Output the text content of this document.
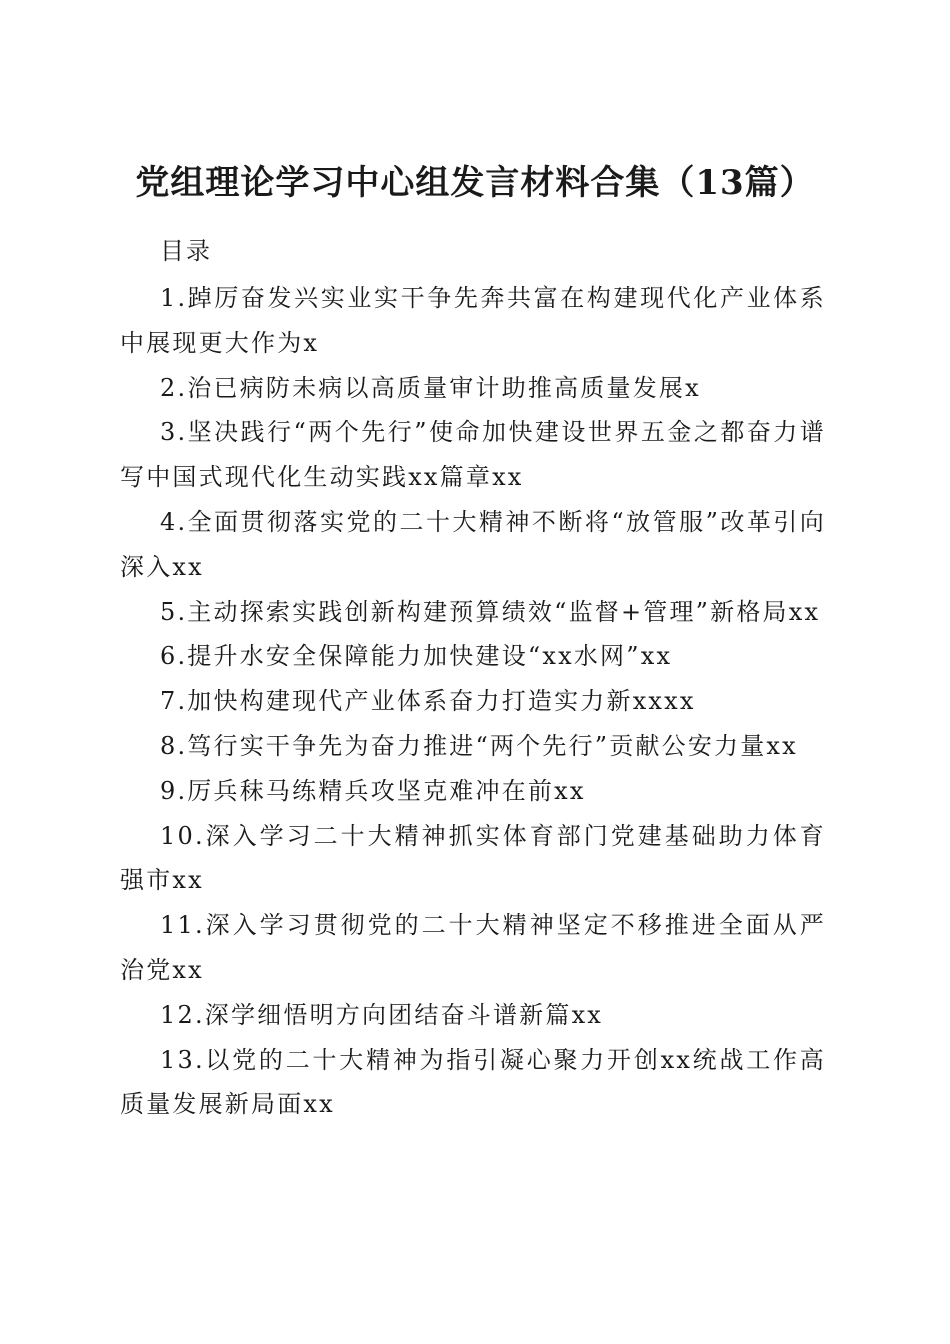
党组理论学习中心组发言材料合集（13篇）
目录
1.踔厉奋发兴实业实干争先奔共富在构建现代化产业体系中展现更大作为x
2.治已病防未病以高质量审计助推高质量发展x
3.坚决践行“两个先行”使命加快建设世界五金之都奋力谱写中国式现代化生动实践xx篇章xx
4.全面贯彻落实党的二十大精神不断将“放管服”改革引向深入xx
5.主动探索实践创新构建预算绩效“监督+管理”新格局xx
6.提升水安全保障能力加快建设“xx水网”xx
7.加快构建现代产业体系奋力打造实力新xxxx
8.笃行实干争先为奋力推进“两个先行”贡献公安力量xx
9.厉兵秣马练精兵攻坚克难冲在前xx
10.深入学习二十大精神抓实体育部门党建基础助力体育强市xx
11.深入学习贯彻党的二十大精神坚定不移推进全面从严治党xx
12.深学细悟明方向团结奋斗谱新篇xx
13.以党的二十大精神为指引凝心聚力开创xx统战工作高质量发展新局面xx
